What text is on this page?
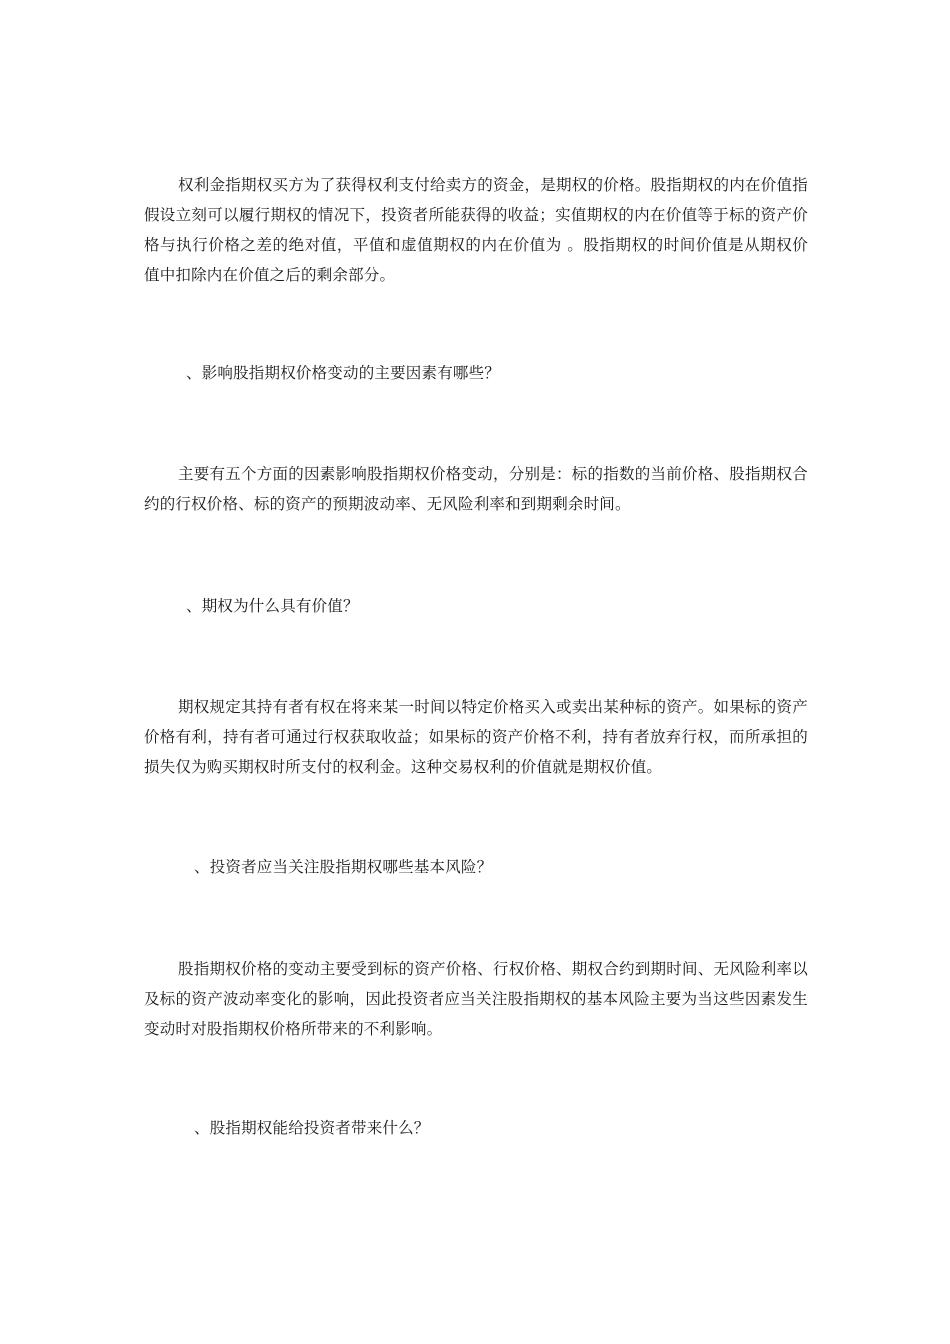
权利金指期权买方为了获得权利支付给卖方的资金，是期权的价格。股指期权的内在价值指假设立刻可以履行期权的情况下，投资者所能获得的收益；实值期权的内在价值等于标的资产价格与执行价格之差的绝对值，平值和虚值期权的内在价值为 。股指期权的时间价值是从期权价值中扣除内在价值之后的剩余部分。

、影响股指期权价格变动的主要因素有哪些？

主要有五个方面的因素影响股指期权价格变动，分别是：标的指数的当前价格、股指期权合约的行权价格、标的资产的预期波动率、无风险利率和到期剩余时间。

、期权为什么具有价值？

期权规定其持有者有权在将来某一时间以特定价格买入或卖出某种标的资产。如果标的资产价格有利，持有者可通过行权获取收益；如果标的资产价格不利，持有者放弃行权，而所承担的损失仅为购买期权时所支付的权利金。这种交易权利的价值就是期权价值。

、投资者应当关注股指期权哪些基本风险？

股指期权价格的变动主要受到标的资产价格、行权价格、期权合约到期时间、无风险利率以及标的资产波动率变化的影响，因此投资者应当关注股指期权的基本风险主要为当这些因素发生变动时对股指期权价格所带来的不利影响。

、股指期权能给投资者带来什么？
